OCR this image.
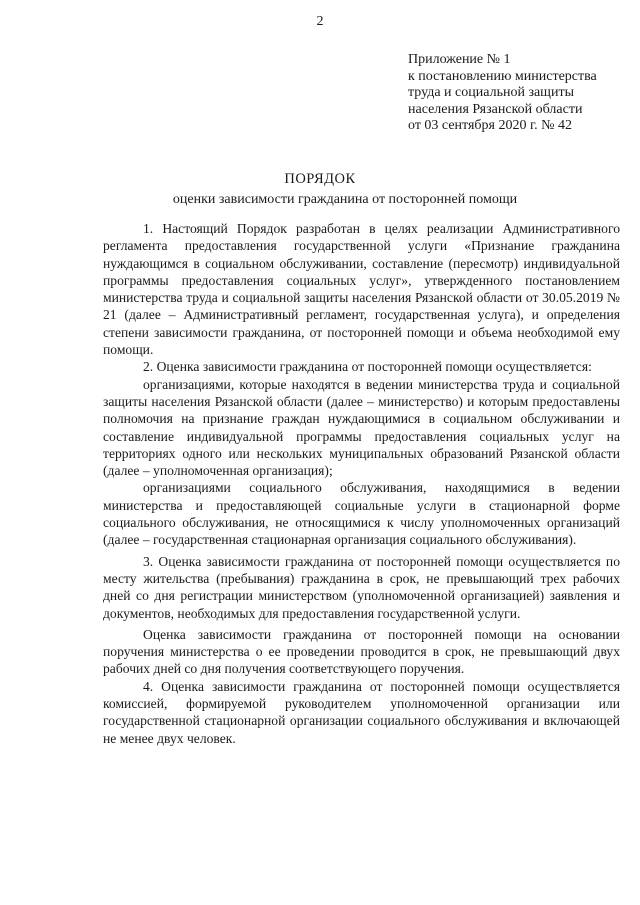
2
Приложение № 1
к постановлению министерства
труда и социальной защиты
населения Рязанской области
от 03 сентября 2020 г. № 42
ПОРЯДОК
оценки зависимости гражданина от посторонней помощи

1. Настоящий Порядок разработан в целях реализации Административного регламента предоставления государственной услуги «Признание гражданина нуждающимся в социальном обслуживании, составление (пересмотр) индивидуальной программы предоставления социальных услуг», утвержденного постановлением министерства труда и социальной защиты населения Рязанской области от 30.05.2019 № 21 (далее – Административный регламент, государственная услуга), и определения степени зависимости гражданина, от посторонней помощи и объема необходимой ему помощи.

2. Оценка зависимости гражданина от посторонней помощи осуществляется:

организациями, которые находятся в ведении министерства труда и социальной защиты населения Рязанской области (далее – министерство) и которым предоставлены полномочия на признание граждан нуждающимися в социальном обслуживании и составление индивидуальной программы предоставления социальных услуг на территориях одного или нескольких муниципальных образований Рязанской области (далее – уполномоченная организация);

организациями социального обслуживания, находящимися в ведении министерства и предоставляющей социальные услуги в стационарной форме социального обслуживания, не относящимися к числу уполномоченных организаций (далее – государственная стационарная организация социального обслуживания).

3. Оценка зависимости гражданина от посторонней помощи осуществляется по месту жительства (пребывания) гражданина в срок, не превышающий трех рабочих дней со дня регистрации министерством (уполномоченной организацией) заявления и документов, необходимых для предоставления государственной услуги.

Оценка зависимости гражданина от посторонней помощи на основании поручения министерства о ее проведении проводится в срок, не превышающий двух рабочих дней со дня получения соответствующего поручения.

4. Оценка зависимости гражданина от посторонней помощи осуществляется комиссией, формируемой руководителем уполномоченной организации или государственной стационарной организации социального обслуживания и включающей не менее двух человек.
